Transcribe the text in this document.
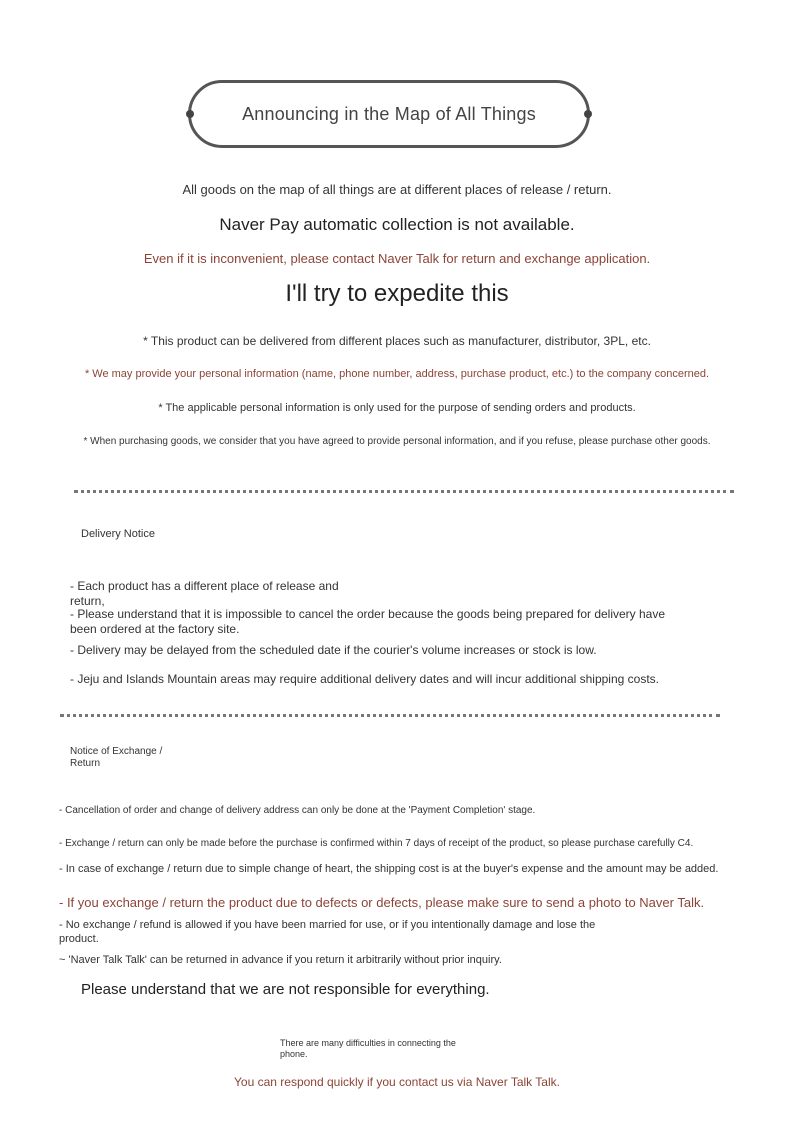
Announcing in the Map of All Things
All goods on the map of all things are at different places of release / return.
Naver Pay automatic collection is not available.
Even if it is inconvenient, please contact Naver Talk for return and exchange application.
I'll try to expedite this
* This product can be delivered from different places such as manufacturer, distributor, 3PL, etc.
* We may provide your personal information (name, phone number, address, purchase product, etc.) to the company concerned.
* The applicable personal information is only used for the purpose of sending orders and products.
* When purchasing goods, we consider that you have agreed to provide personal information, and if you refuse, please purchase other goods.
Delivery Notice
- Each product has a different place of release and return,
- Please understand that it is impossible to cancel the order because the goods being prepared for delivery have been ordered at the factory site.
- Delivery may be delayed from the scheduled date if the courier's volume increases or stock is low.
- Jeju and Islands Mountain areas may require additional delivery dates and will incur additional shipping costs.
Notice of Exchange / Return
- Cancellation of order and change of delivery address can only be done at the 'Payment Completion' stage.
- Exchange / return can only be made before the purchase is confirmed within 7 days of receipt of the product, so please purchase carefully C4.
- In case of exchange / return due to simple change of heart, the shipping cost is at the buyer's expense and the amount may be added.
- If you exchange / return the product due to defects or defects, please make sure to send a photo to Naver Talk.
- No exchange / refund is allowed if you have been married for use, or if you intentionally damage and lose the product.
~ 'Naver Talk Talk' can be returned in advance if you return it arbitrarily without prior inquiry.
Please understand that we are not responsible for everything.
There are many difficulties in connecting the phone.
You can respond quickly if you contact us via Naver Talk Talk.
